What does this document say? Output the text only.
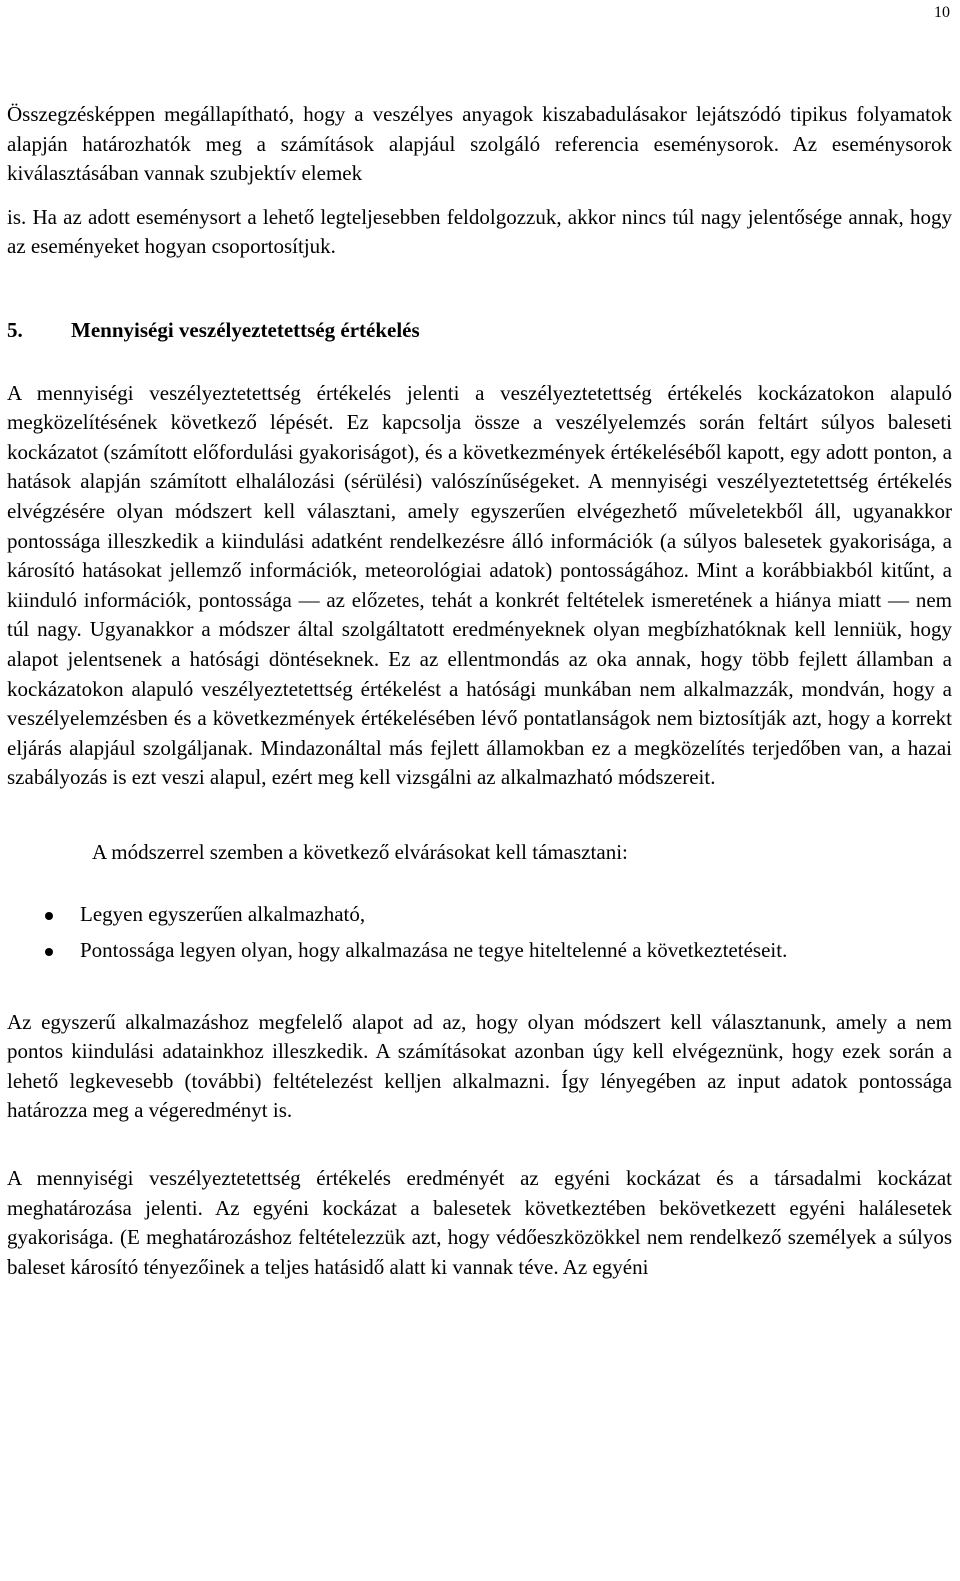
10

Összegzésképpen megállapítható, hogy a veszélyes anyagok kiszabadulásakor lejátszódó tipikus folyamatok alapján határozhatók meg a számítások alapjául szolgáló referencia eseménysorok. Az eseménysorok kiválasztásában vannak szubjektív elemek
is. Ha az adott eseménysort a lehető legteljesebben feldolgozzuk, akkor nincs túl nagy jelentősége annak, hogy az eseményeket hogyan csoportosítjuk.

5. Mennyiségi veszélyeztetettség értékelés

A mennyiségi veszélyeztetettség értékelés jelenti a veszélyeztetettség értékelés kockázatokon alapuló megközelítésének következő lépését. Ez kapcsolja össze a veszélyelemzés során feltárt súlyos baleseti kockázatot (számított előfordulási gyakoriságot), és a következmények értékeléséből kapott, egy adott ponton, a hatások alapján számított elhalálozási (sérülési) valószínűségeket. A mennyiségi veszélyeztetettség értékelés elvégzésére olyan módszert kell választani, amely egyszerűen elvégezhető műveletekből áll, ugyanakkor pontossága illeszkedik a kiindulási adatként rendelkezésre álló információk (a súlyos balesetek gyakorisága, a károsító hatásokat jellemző információk, meteorológiai adatok) pontosságához. Mint a korábbiakból kitűnt, a kiinduló információk, pontossága — az előzetes, tehát a konkrét feltételek ismeretének a hiánya miatt — nem túl nagy. Ugyanakkor a módszer által szolgáltatott eredményeknek olyan megbízhatóknak kell lenniük, hogy alapot jelentsenek a hatósági döntéseknek. Ez az ellentmondás az oka annak, hogy több fejlett államban a kockázatokon alapuló veszélyeztetettség értékelést a hatósági munkában nem alkalmazzák, mondván, hogy a veszélyelemzésben és a következmények értékelésében lévő pontatlanságok nem biztosítják azt, hogy a korrekt eljárás alapjául szolgáljanak. Mindazonáltal más fejlett államokban ez a megközelítés terjedőben van, a hazai szabályozás is ezt veszi alapul, ezért meg kell vizsgálni az alkalmazható módszereit.

A módszerrel szemben a következő elvárásokat kell támasztani:

Legyen egyszerűen alkalmazható,
Pontossága legyen olyan, hogy alkalmazása ne tegye hiteltelenné a következtetéseit.

Az egyszerű alkalmazáshoz megfelelő alapot ad az, hogy olyan módszert kell választanunk, amely a nem pontos kiindulási adatainkhoz illeszkedik. A számításokat azonban úgy kell elvégeznünk, hogy ezek során a lehető legkevesebb (további) feltételezést kelljen alkalmazni. Így lényegében az input adatok pontossága határozza meg a végeredményt is.

A mennyiségi veszélyeztetettség értékelés eredményét az egyéni kockázat és a társadalmi kockázat meghatározása jelenti. Az egyéni kockázat a balesetek következtében bekövetkezett egyéni halálesetek gyakorisága. (E meghatározáshoz feltételezzük azt, hogy védőeszközökkel nem rendelkező személyek a súlyos baleset károsító tényezőinek a teljes hatásidő alatt ki vannak téve. Az egyéni
